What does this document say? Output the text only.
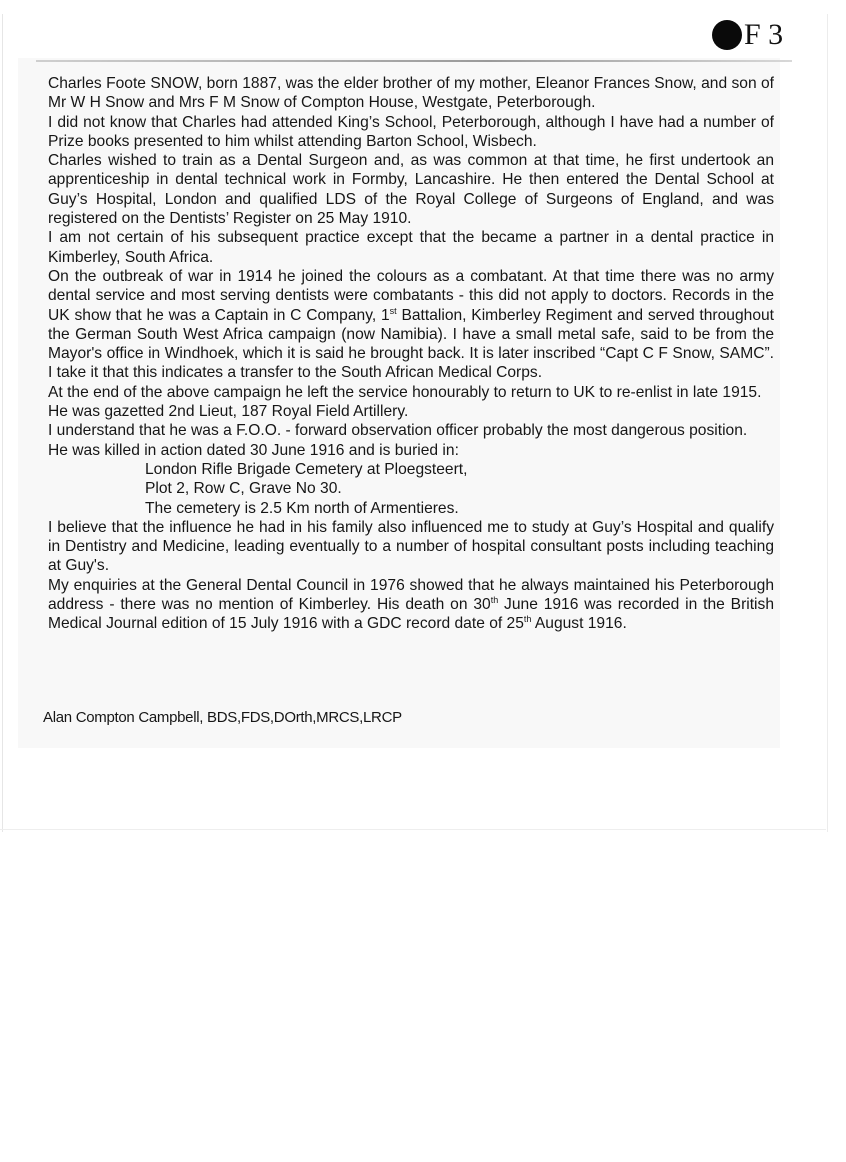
F 3

Charles Foote SNOW, born 1887, was the elder brother of my mother, Eleanor Frances Snow, and son of Mr W H Snow and Mrs F M Snow of Compton House, Westgate, Peterborough.

I did not know that Charles had attended King’s School, Peterborough, although I have had a number of Prize books presented to him whilst attending Barton School, Wisbech.

Charles wished to train as a Dental Surgeon and, as was common at that time, he first undertook an apprenticeship in dental technical work in Formby, Lancashire. He then entered the Dental School at Guy’s Hospital, London and qualified LDS of the Royal College of Surgeons of England, and was registered on the Dentists’ Register on 25 May 1910.

I am not certain of his subsequent practice except that the became a partner in a dental practice in Kimberley, South Africa.

On the outbreak of war in 1914 he joined the colours as a combatant. At that time there was no army dental service and most serving dentists were combatants - this did not apply to doctors. Records in the UK show that he was a Captain in C Company, 1st Battalion, Kimberley Regiment and served throughout the German South West Africa campaign (now Namibia). I have a small metal safe, said to be from the Mayor's office in Windhoek, which it is said he brought back. It is later inscribed “Capt C F Snow, SAMC”. I take it that this indicates a transfer to the South African Medical Corps.

At the end of the above campaign he left the service honourably to return to UK to re-enlist in late 1915.

He was gazetted 2nd Lieut, 187 Royal Field Artillery.

I understand that he was a F.O.O. - forward observation officer probably the most dangerous position.

He was killed in action dated 30 June 1916 and is buried in:

London Rifle Brigade Cemetery at Ploegsteert,

Plot 2, Row C, Grave No 30.

The cemetery is 2.5 Km north of Armentieres.

I believe that the influence he had in his family also influenced me to study at Guy’s Hospital and qualify in Dentistry and Medicine, leading eventually to a number of hospital consultant posts including teaching at Guy's.

My enquiries at the General Dental Council in 1976 showed that he always maintained his Peterborough address - there was no mention of Kimberley. His death on 30th June 1916 was recorded in the British Medical Journal edition of 15 July 1916 with a GDC record date of 25th August 1916.

Alan Compton Campbell, BDS,FDS,DOrth,MRCS,LRCP
